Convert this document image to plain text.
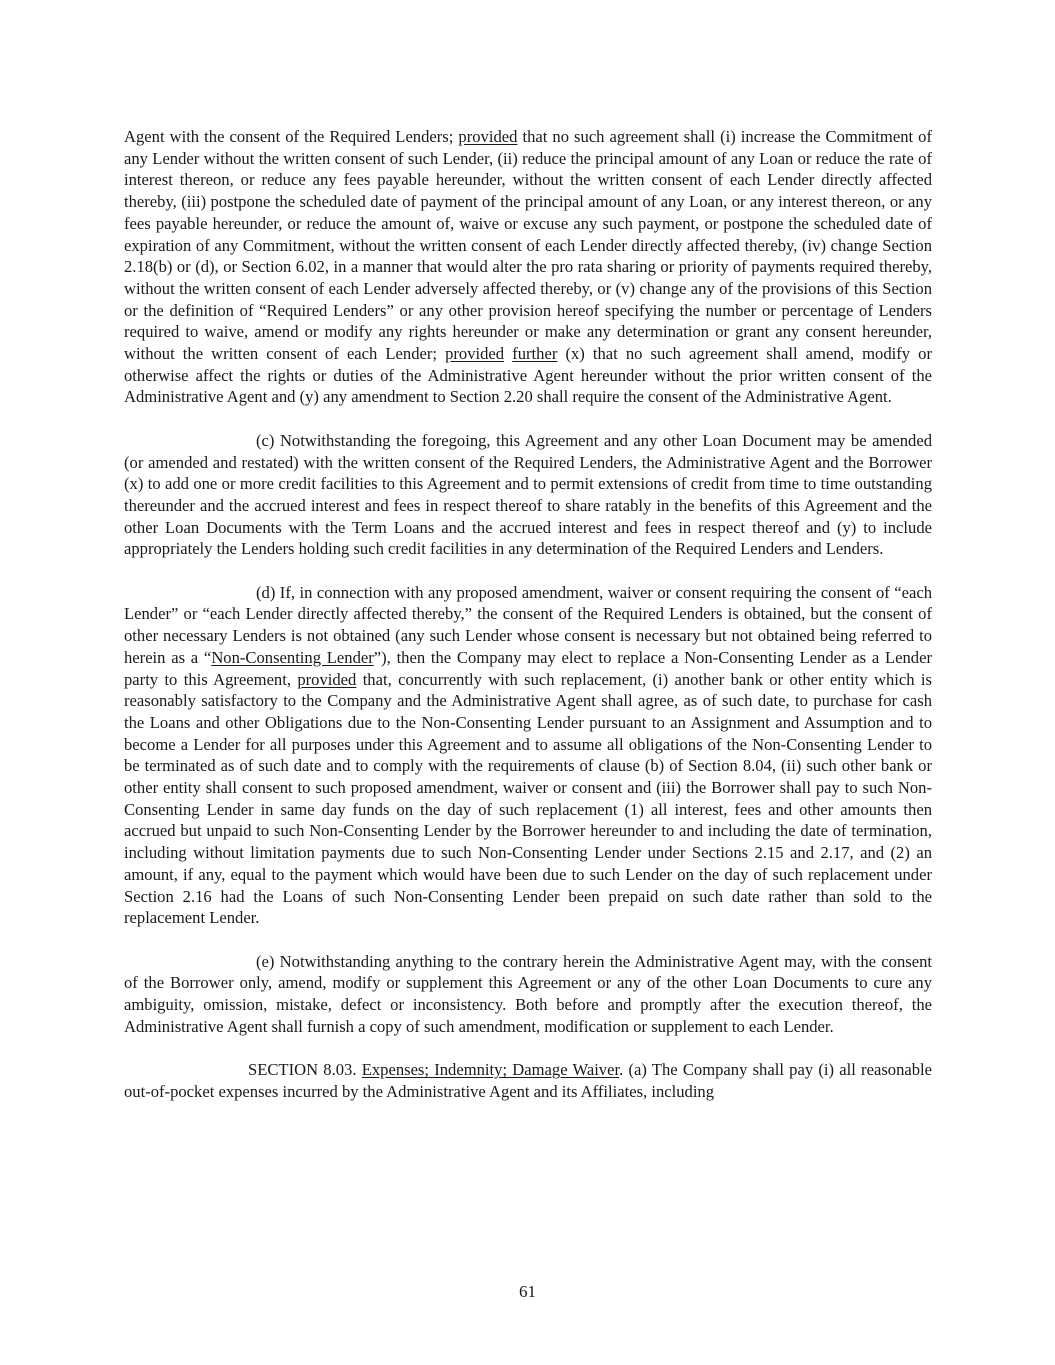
Agent with the consent of the Required Lenders; provided that no such agreement shall (i) increase the Commitment of any Lender without the written consent of such Lender, (ii) reduce the principal amount of any Loan or reduce the rate of interest thereon, or reduce any fees payable hereunder, without the written consent of each Lender directly affected thereby, (iii) postpone the scheduled date of payment of the principal amount of any Loan, or any interest thereon, or any fees payable hereunder, or reduce the amount of, waive or excuse any such payment, or postpone the scheduled date of expiration of any Commitment, without the written consent of each Lender directly affected thereby, (iv) change Section 2.18(b) or (d), or Section 6.02, in a manner that would alter the pro rata sharing or priority of payments required thereby, without the written consent of each Lender adversely affected thereby, or (v) change any of the provisions of this Section or the definition of “Required Lenders” or any other provision hereof specifying the number or percentage of Lenders required to waive, amend or modify any rights hereunder or make any determination or grant any consent hereunder, without the written consent of each Lender; provided further (x) that no such agreement shall amend, modify or otherwise affect the rights or duties of the Administrative Agent hereunder without the prior written consent of the Administrative Agent and (y) any amendment to Section 2.20 shall require the consent of the Administrative Agent.

(c) Notwithstanding the foregoing, this Agreement and any other Loan Document may be amended (or amended and restated) with the written consent of the Required Lenders, the Administrative Agent and the Borrower (x) to add one or more credit facilities to this Agreement and to permit extensions of credit from time to time outstanding thereunder and the accrued interest and fees in respect thereof to share ratably in the benefits of this Agreement and the other Loan Documents with the Term Loans and the accrued interest and fees in respect thereof and (y) to include appropriately the Lenders holding such credit facilities in any determination of the Required Lenders and Lenders.

(d) If, in connection with any proposed amendment, waiver or consent requiring the consent of “each Lender” or “each Lender directly affected thereby,” the consent of the Required Lenders is obtained, but the consent of other necessary Lenders is not obtained (any such Lender whose consent is necessary but not obtained being referred to herein as a “Non-Consenting Lender”), then the Company may elect to replace a Non-Consenting Lender as a Lender party to this Agreement, provided that, concurrently with such replacement, (i) another bank or other entity which is reasonably satisfactory to the Company and the Administrative Agent shall agree, as of such date, to purchase for cash the Loans and other Obligations due to the Non-Consenting Lender pursuant to an Assignment and Assumption and to become a Lender for all purposes under this Agreement and to assume all obligations of the Non-Consenting Lender to be terminated as of such date and to comply with the requirements of clause (b) of Section 8.04, (ii) such other bank or other entity shall consent to such proposed amendment, waiver or consent and (iii) the Borrower shall pay to such Non-Consenting Lender in same day funds on the day of such replacement (1) all interest, fees and other amounts then accrued but unpaid to such Non-Consenting Lender by the Borrower hereunder to and including the date of termination, including without limitation payments due to such Non-Consenting Lender under Sections 2.15 and 2.17, and (2) an amount, if any, equal to the payment which would have been due to such Lender on the day of such replacement under Section 2.16 had the Loans of such Non-Consenting Lender been prepaid on such date rather than sold to the replacement Lender.

(e) Notwithstanding anything to the contrary herein the Administrative Agent may, with the consent of the Borrower only, amend, modify or supplement this Agreement or any of the other Loan Documents to cure any ambiguity, omission, mistake, defect or inconsistency. Both before and promptly after the execution thereof, the Administrative Agent shall furnish a copy of such amendment, modification or supplement to each Lender.

SECTION 8.03. Expenses; Indemnity; Damage Waiver. (a) The Company shall pay (i) all reasonable out-of-pocket expenses incurred by the Administrative Agent and its Affiliates, including

61
